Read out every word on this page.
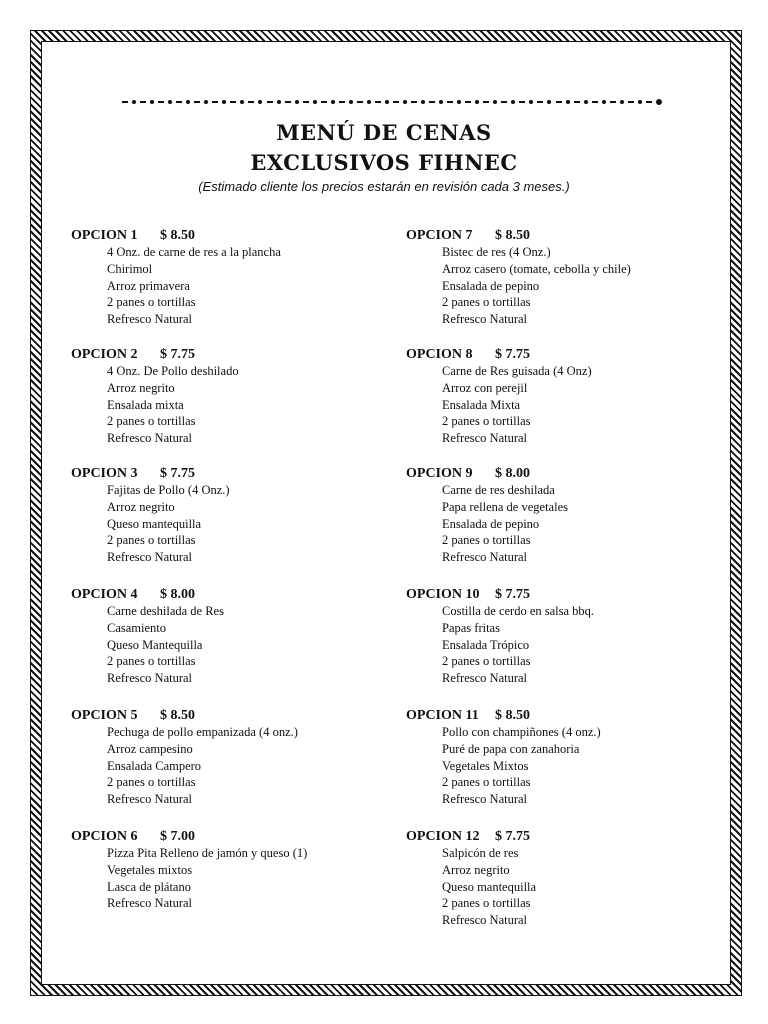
MENÚ DE CENAS
EXCLUSIVOS FIHNEC
(Estimado cliente los precios estarán en revisión cada 3 meses.)
OPCION 1	$ 8.50
4 Onz. de carne de res a la plancha
Chirimol
Arroz primavera
2 panes o tortillas
Refresco Natural
OPCION 2	$ 7.75
4 Onz. De Pollo deshilado
Arroz negrito
Ensalada mixta
2 panes o tortillas
Refresco Natural
OPCION 3	$ 7.75
Fajitas de Pollo (4 Onz.)
Arroz negrito
Queso mantequilla
2 panes o tortillas
Refresco Natural
OPCION 4	$ 8.00
Carne deshilada de Res
Casamiento
Queso Mantequilla
2 panes o tortillas
Refresco Natural
OPCION 5	$ 8.50
Pechuga de pollo empanizada (4 onz.)
Arroz campesino
Ensalada Campero
2 panes o tortillas
Refresco Natural
OPCION 6	$ 7.00
Pizza Pita Relleno de jamón y queso (1)
Vegetales mixtos
Lasca de plátano
Refresco Natural
OPCION 7	$ 8.50
Bistec de res (4 Onz.)
Arroz casero (tomate, cebolla y chile)
Ensalada de pepino
2 panes o tortillas
Refresco Natural
OPCION 8	$ 7.75
Carne de Res guisada (4 Onz)
Arroz con perejil
Ensalada Mixta
2 panes o tortillas
Refresco Natural
OPCION 9	$ 8.00
Carne de res deshilada
Papa rellena de vegetales
Ensalada de pepino
2 panes o tortillas
Refresco Natural
OPCION 10	$ 7.75
Costilla de cerdo en salsa bbq.
Papas fritas
Ensalada Trópico
2 panes o tortillas
Refresco Natural
OPCION 11	$ 8.50
Pollo con champiñones (4 onz.)
Puré de papa con zanahoria
Vegetales Mixtos
2 panes o tortillas
Refresco Natural
OPCION 12	$ 7.75
Salpicón de res
Arroz negrito
Queso mantequilla
2 panes o tortillas
Refresco Natural
